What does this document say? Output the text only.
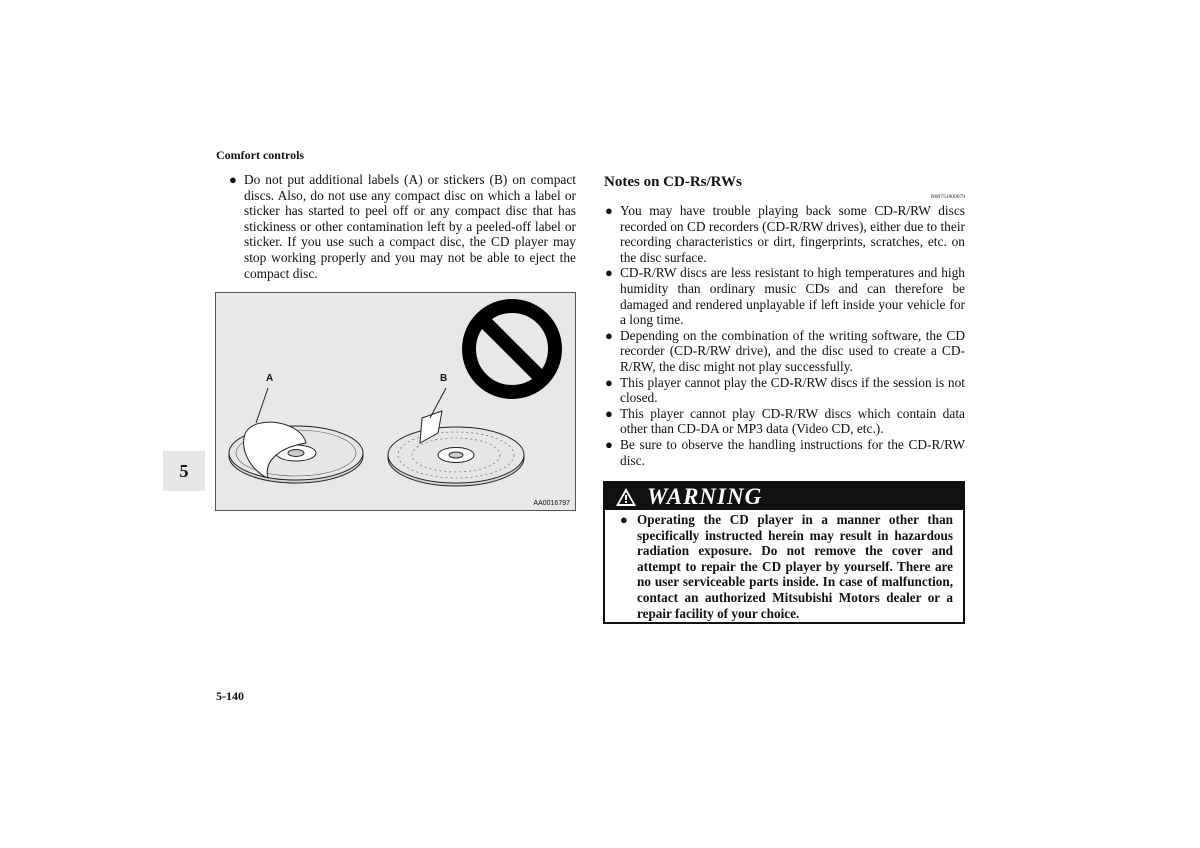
Comfort controls
5
5-140
● Do not put additional labels (A) or stickers (B) on compact discs. Also, do not use any compact disc on which a label or sticker has started to peel off or any compact disc that has stickiness or other contamination left by a peeled-off label or sticker. If you use such a compact disc, the CD player may stop working properly and you may not be able to eject the compact disc.
A	B
AA0016797
Notes on CD-Rs/RWs
N00751900079
● You may have trouble playing back some CD-R/RW discs recorded on CD recorders (CD-R/RW drives), either due to their recording characteristics or dirt, fingerprints, scratches, etc. on the disc surface.
● CD-R/RW discs are less resistant to high temperatures and high humidity than ordinary music CDs and can therefore be damaged and rendered unplayable if left inside your vehicle for a long time.
● Depending on the combination of the writing software, the CD recorder (CD-R/RW drive), and the disc used to create a CD-R/RW, the disc might not play successfully.
● This player cannot play the CD-R/RW discs if the session is not closed.
● This player cannot play CD-R/RW discs which contain data other than CD-DA or MP3 data (Video CD, etc.).
● Be sure to observe the handling instructions for the CD-R/RW disc.
WARNING
● Operating the CD player in a manner other than specifically instructed herein may result in hazardous radiation exposure. Do not remove the cover and attempt to repair the CD player by yourself. There are no user serviceable parts inside. In case of malfunction, contact an authorized Mitsubishi Motors dealer or a repair facility of your choice.
